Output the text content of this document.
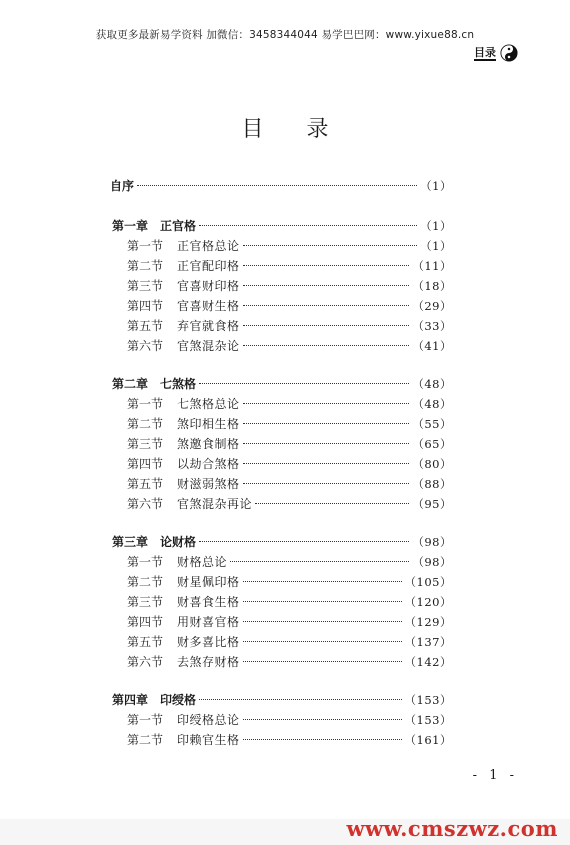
获取更多最新易学资料 加微信：3458344044 易学巴巴网：www.yixue88.cn
目录
目 录
自序	（1）
第一章 正官格	（1）
第一节 正官格总论	（1）
第二节 正官配印格	（11）
第三节 官喜财印格	（18）
第四节 官喜财生格	（29）
第五节 弃官就食格	（33）
第六节 官煞混杂论	（41）
第二章 七煞格	（48）
第一节 七煞格总论	（48）
第二节 煞印相生格	（55）
第三节 煞邀食制格	（65）
第四节 以劫合煞格	（80）
第五节 财滋弱煞格	（88）
第六节 官煞混杂再论	（95）
第三章 论财格	（98）
第一节 财格总论	（98）
第二节 财星佩印格	（105）
第三节 财喜食生格	（120）
第四节 用财喜官格	（129）
第五节 财多喜比格	（137）
第六节 去煞存财格	（142）
第四章 印绶格	（153）
第一节 印绶格总论	（153）
第二节 印赖官生格	（161）
- 1 -
www.cmszwz.com
